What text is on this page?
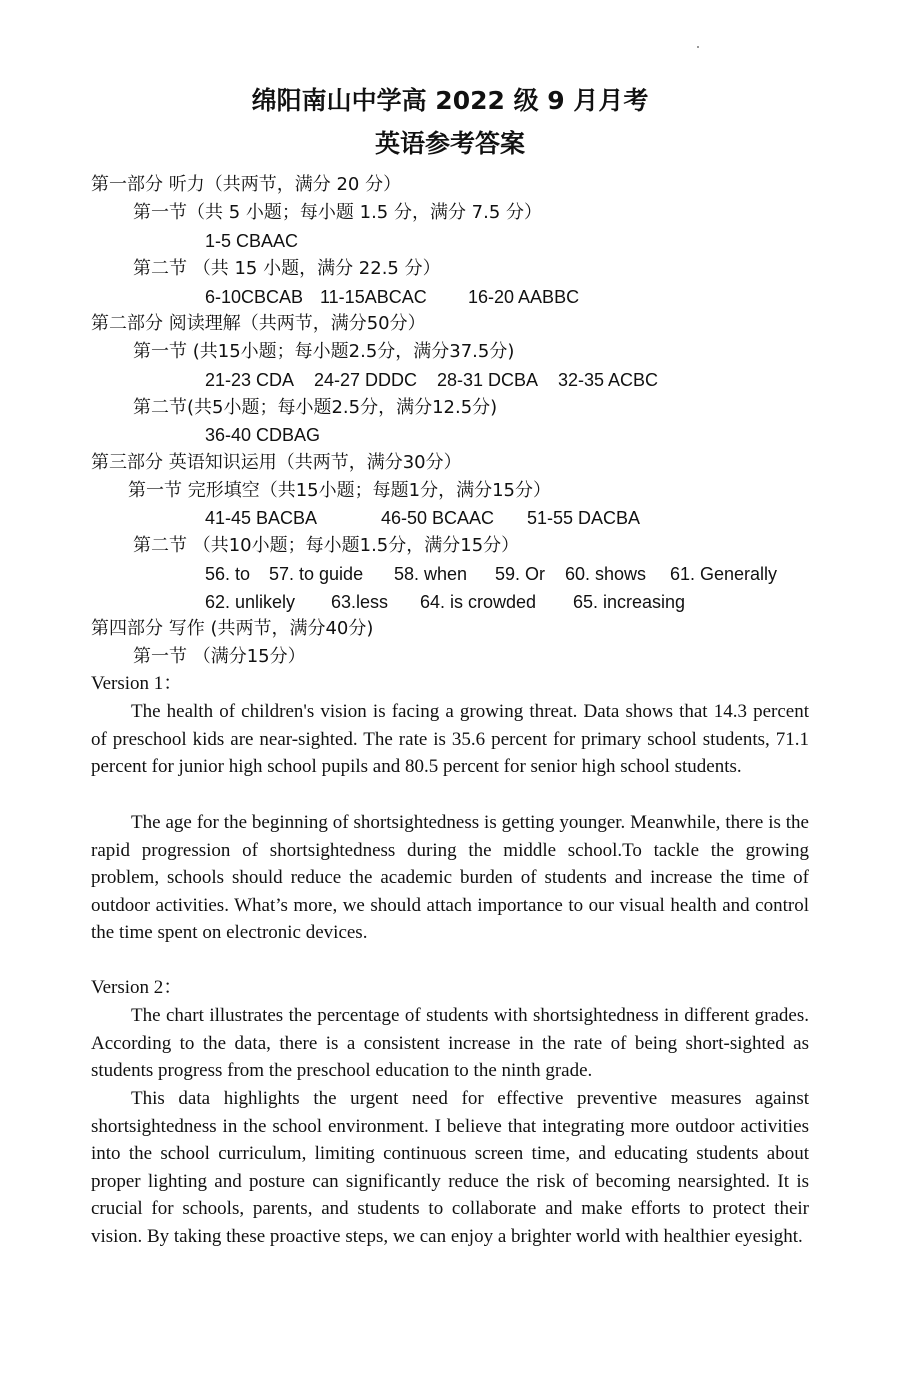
绵阳南山中学高 2022 级 9 月月考
英语参考答案
第一部分 听力（共两节，满分 20 分）
第一节（共 5 小题；每小题 1.5 分，满分 7.5 分）
1-5 CBAAC
第二节 （共 15 小题，满分 22.5 分）
6-10CBCAB 11-15ABCAC 16-20 AABBC
第二部分 阅读理解（共两节，满分50分）
第一节 (共15小题；每小题2.5分，满分37.5分)
21-23 CDA 24-27 DDDC 28-31 DCBA 32-35 ACBC
第二节(共5小题；每小题2.5分，满分12.5分)
36-40 CDBAG
第三部分 英语知识运用（共两节，满分30分）
第一节 完形填空（共15小题；每题1分，满分15分）
41-45 BACBA	46-50 BCAAC 51-55 DACBA
第二节 （共10小题；每小题1.5分，满分15分）
56. to 57. to guide 58. when 59. Or 60. shows 61. Generally
62. unlikely 63.less 64. is crowded 65. increasing
第四部分 写作 (共两节，满分40分)
第一节 （满分15分）
Version 1：

The health of children's vision is facing a growing threat. Data shows that 14.3 percent of preschool kids are near-sighted. The rate is 35.6 percent for primary school students, 71.1 percent for junior high school pupils and 80.5 percent for senior high school students.

The age for the beginning of shortsightedness is getting younger. Meanwhile, there is the rapid progression of shortsightedness during the middle school.To tackle the growing problem, schools should reduce the academic burden of students and increase the time of outdoor activities. What’s more, we should attach importance to our visual health and control the time spent on electronic devices.

Version 2：

The chart illustrates the percentage of students with shortsightedness in different grades. According to the data, there is a consistent increase in the rate of being short-sighted as students progress from the preschool education to the ninth grade.

This data highlights the urgent need for effective preventive measures against shortsightedness in the school environment. I believe that integrating more outdoor activities into the school curriculum, limiting continuous screen time, and educating students about proper lighting and posture can significantly reduce the risk of becoming nearsighted. It is crucial for schools, parents, and students to collaborate and make efforts to protect their vision. By taking these proactive steps, we can enjoy a brighter world with healthier eyesight.
